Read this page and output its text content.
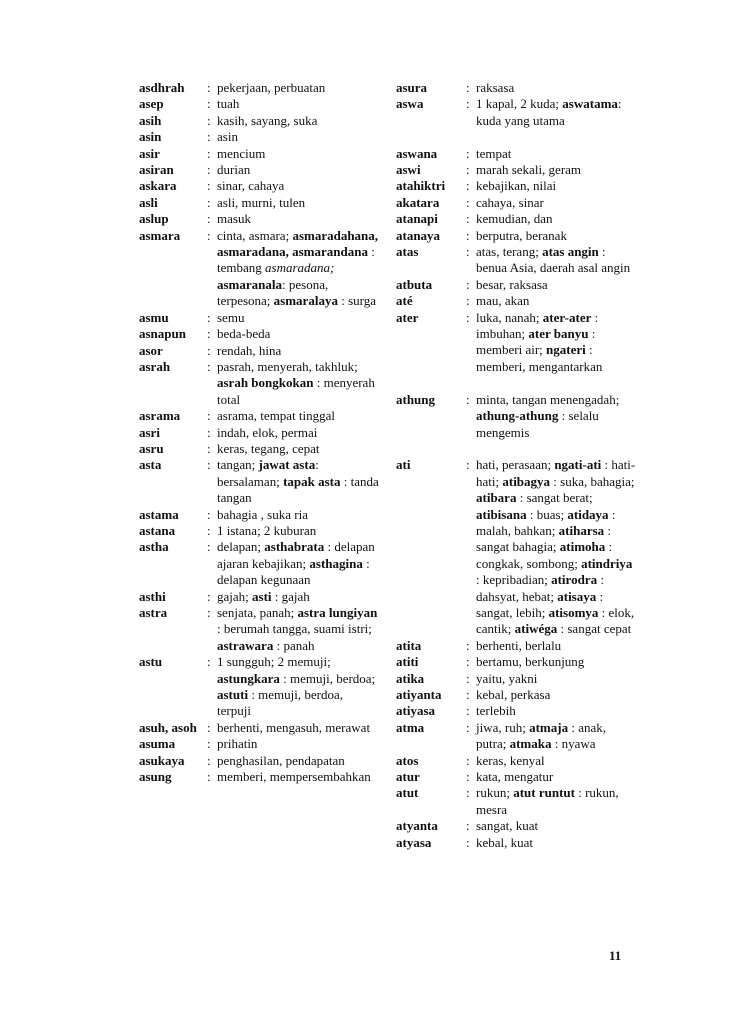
asdhrah	: pekerjaan, perbuatan
asep	: tuah
asih	: kasih, sayang, suka
asin	: asin
asir	: mencium
asiran	: durian
askara	: sinar, cahaya
asli	: asli, murni, tulen
aslup	: masuk
asmara	: cinta, asmara; asmaradahana, asmaradana, asmarandana : tembang asmaradana; asmaranala: pesona, terpesona; asmaralaya : surga
asmu	: semu
asnapun	: beda-beda
asor	: rendah, hina
asrah	: pasrah, menyerah, takhluk; asrah bongkokan : menyerah total
asrama	: asrama, tempat tinggal
asri	: indah, elok, permai
asru	: keras, tegang, cepat
asta	: tangan; jawat asta: bersalaman; tapak asta : tanda tangan
astama	: bahagia , suka ria
astana	: 1 istana; 2 kuburan
astha	: delapan; asthabrata : delapan ajaran kebajikan; asthagina : delapan kegunaan
asthi	: gajah; asti : gajah
astra	: senjata, panah; astra lungiyan : berumah tangga, suami istri; astrawara : panah
astu	: 1 sungguh; 2 memuji; astungkara : memuji, berdoa; astuti : memuji, berdoa, terpuji
asuh, asoh : berhenti, mengasuh, merawat
asuma	: prihatin
asukaya	: penghasilan, pendapatan
asung	: memberi, mempersembahkan
asura	: raksasa
aswa	: 1 kapal, 2 kuda; aswatama: kuda yang utama
aswana	: tempat
aswi	: marah sekali, geram
atahiktri	: kebajikan, nilai
akatara	: cahaya, sinar
atanapi	: kemudian, dan
atanaya	: berputra, beranak
atas	: atas, terang; atas angin : benua Asia, daerah asal angin
atbuta	: besar, raksasa
até	: mau, akan
ater	: luka, nanah; ater-ater : imbuhan; ater banyu : memberi air; ngateri : memberi, mengantarkan
athung	: minta, tangan menengadah; athung-athung : selalu mengemis
ati	: hati, perasaan; ngati-ati : hati-hati; atibagya : suka, bahagia; atibara : sangat berat; atibisana : buas; atidaya : malah, bahkan; atiharsa : sangat bahagia; atimoha : congkak, sombong; atindriya : kepribadian; atirodra : dahsyat, hebat; atisaya : sangat, lebih; atisomya : elok, cantik; atiwéga : sangat cepat
atita	: berhenti, berlalu
atiti	: bertamu, berkunjung
atika	: yaitu, yakni
atiyanta	: kebal, perkasa
atiyasa	: terlebih
atma	: jiwa, ruh; atmaja : anak, putra; atmaka : nyawa
atos	: keras, kenyal
atur	: kata, mengatur
atut	: rukun; atut runtut : rukun, mesra
atyanta	: sangat, kuat
atyasa	: kebal, kuat
11
